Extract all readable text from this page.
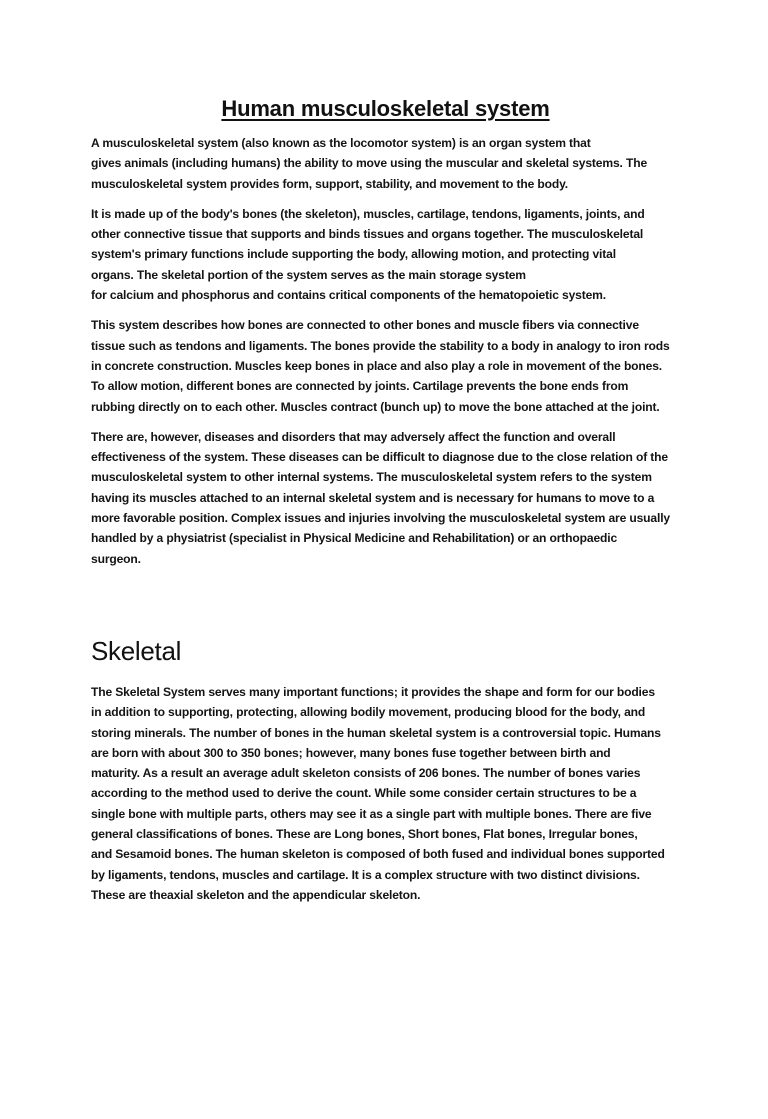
Human musculoskeletal system

A musculoskeletal system (also known as the locomotor system) is an organ system that
gives animals (including humans) the ability to move using the muscular and skeletal systems. The
musculoskeletal system provides form, support, stability, and movement to the body.

It is made up of the body's bones (the skeleton), muscles, cartilage, tendons, ligaments, joints, and
other connective tissue that supports and binds tissues and organs together. The musculoskeletal
system's primary functions include supporting the body, allowing motion, and protecting vital
organs. The skeletal portion of the system serves as the main storage system
for calcium and phosphorus and contains critical components of the hematopoietic system.

This system describes how bones are connected to other bones and muscle fibers via connective
tissue such as tendons and ligaments. The bones provide the stability to a body in analogy to iron rods
in concrete construction. Muscles keep bones in place and also play a role in movement of the bones.
To allow motion, different bones are connected by joints. Cartilage prevents the bone ends from
rubbing directly on to each other. Muscles contract (bunch up) to move the bone attached at the joint.

There are, however, diseases and disorders that may adversely affect the function and overall
effectiveness of the system. These diseases can be difficult to diagnose due to the close relation of the
musculoskeletal system to other internal systems. The musculoskeletal system refers to the system
having its muscles attached to an internal skeletal system and is necessary for humans to move to a
more favorable position. Complex issues and injuries involving the musculoskeletal system are usually
handled by a physiatrist (specialist in Physical Medicine and Rehabilitation) or an orthopaedic
surgeon.

Skeletal

The Skeletal System serves many important functions; it provides the shape and form for our bodies
in addition to supporting, protecting, allowing bodily movement, producing blood for the body, and
storing minerals. The number of bones in the human skeletal system is a controversial topic. Humans
are born with about 300 to 350 bones; however, many bones fuse together between birth and
maturity. As a result an average adult skeleton consists of 206 bones. The number of bones varies
according to the method used to derive the count. While some consider certain structures to be a
single bone with multiple parts, others may see it as a single part with multiple bones. There are five
general classifications of bones. These are Long bones, Short bones, Flat bones, Irregular bones,
and Sesamoid bones. The human skeleton is composed of both fused and individual bones supported
by ligaments, tendons, muscles and cartilage. It is a complex structure with two distinct divisions.
These are theaxial skeleton and the appendicular skeleton.
